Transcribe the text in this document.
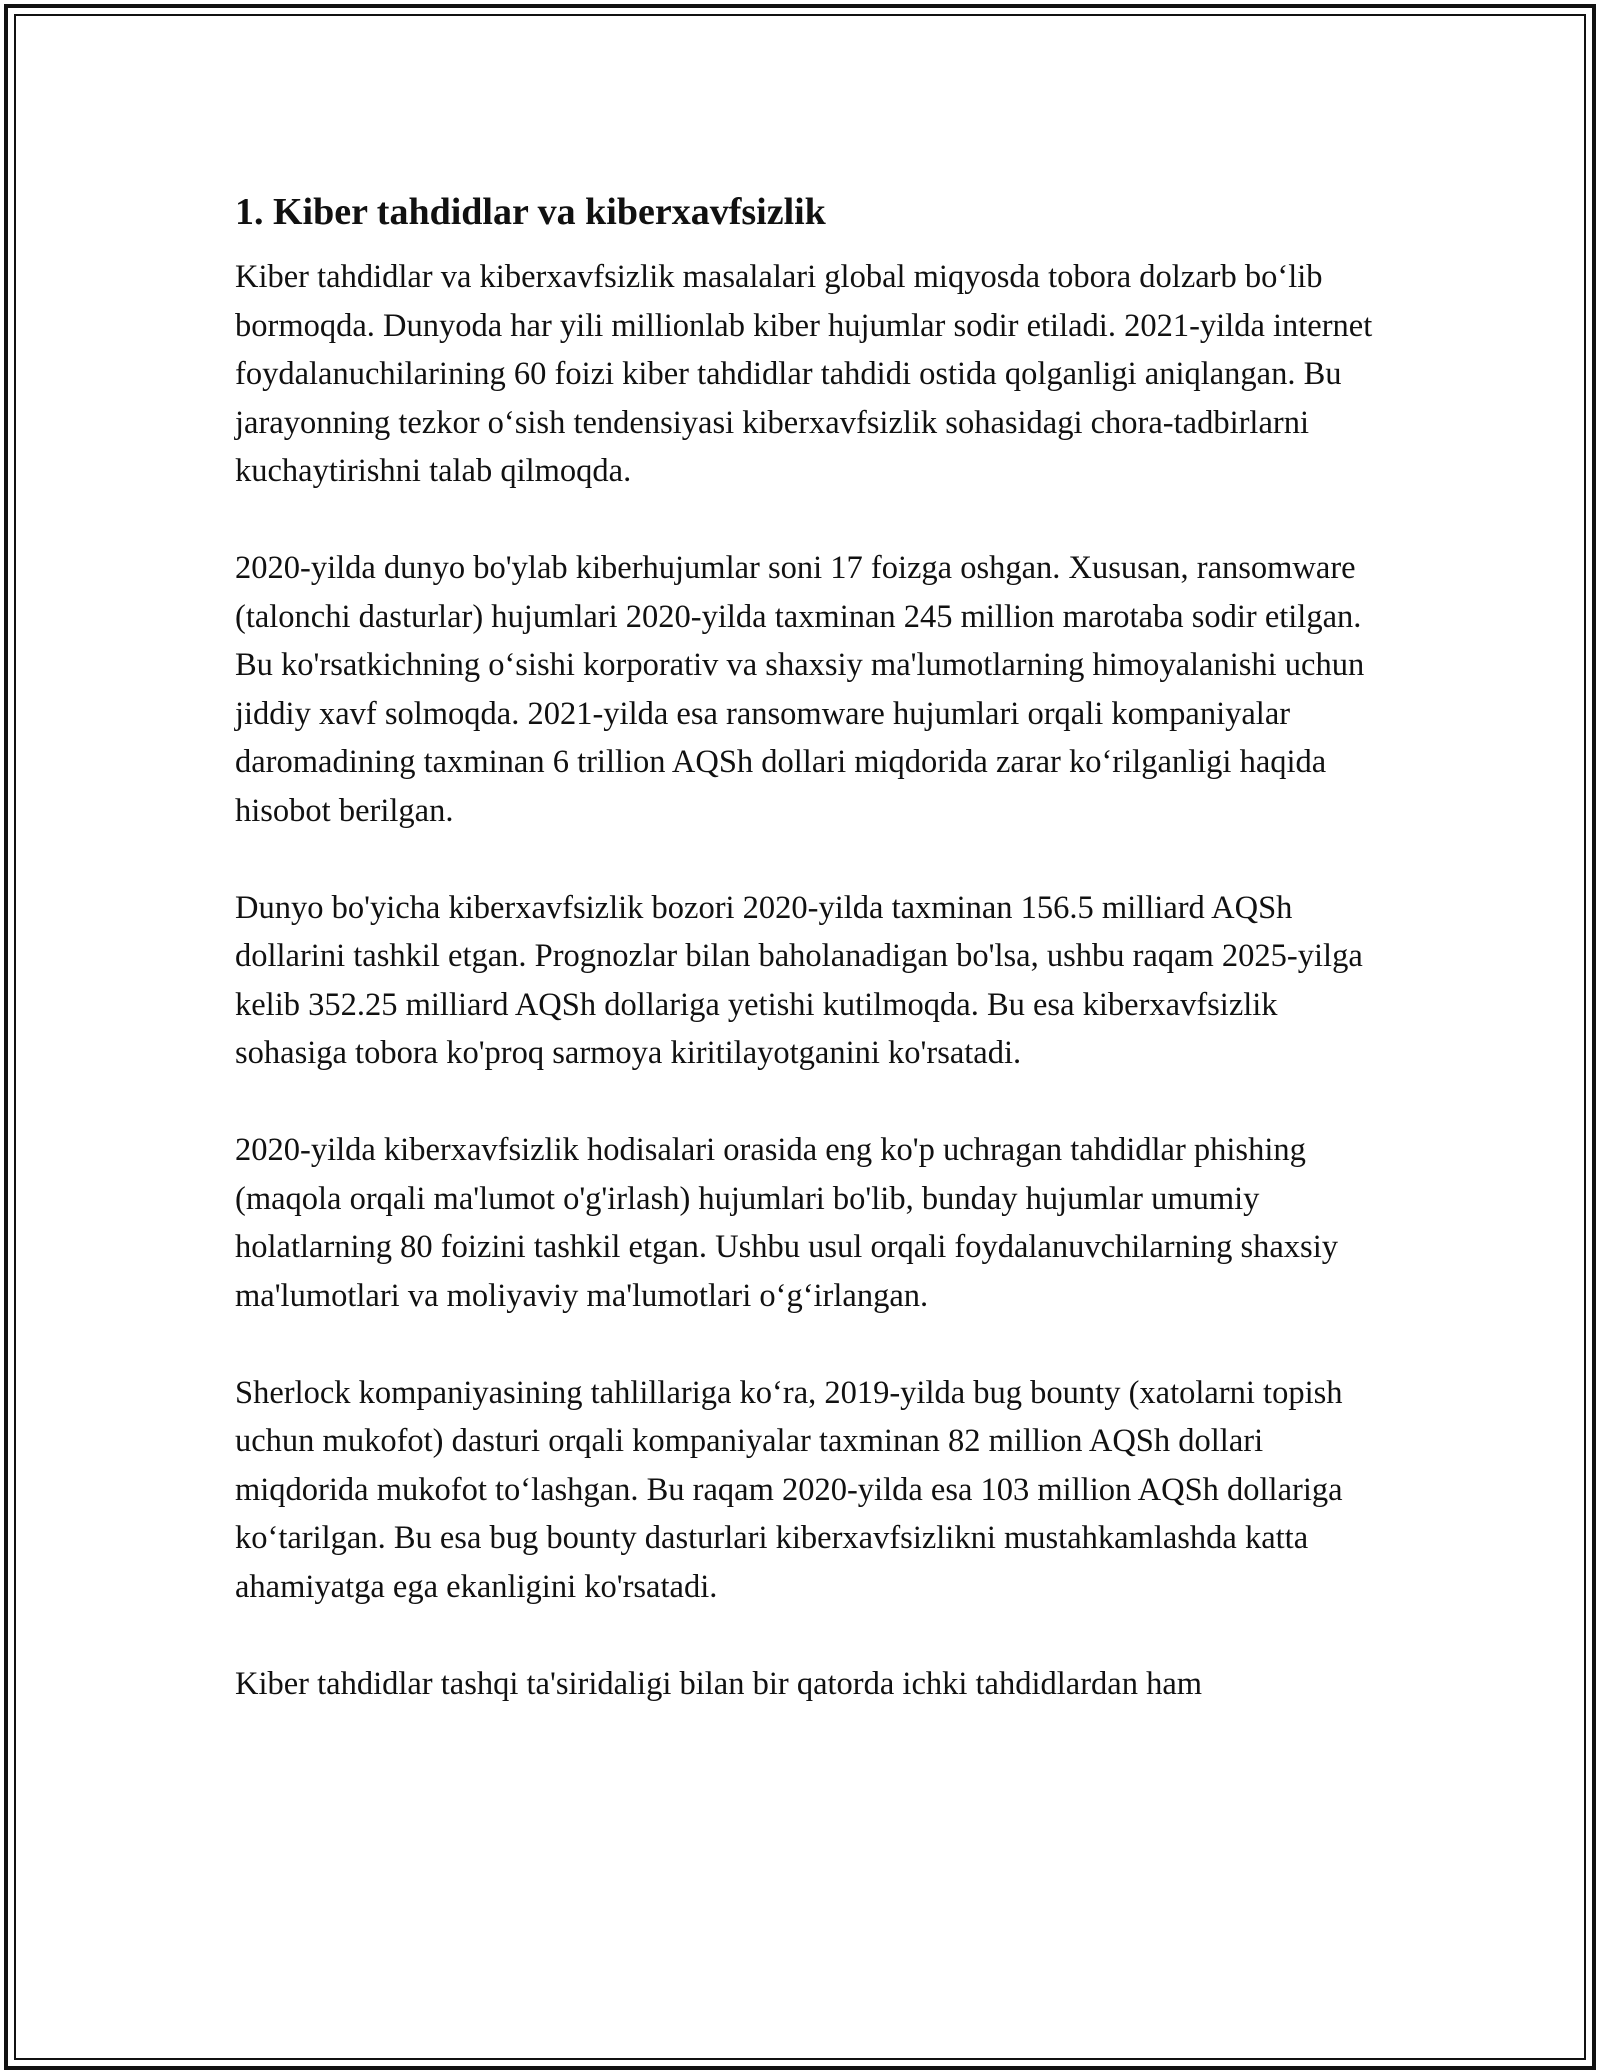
1. Kiber tahdidlar va kiberxavfsizlik

Kiber tahdidlar va kiberxavfsizlik masalalari global miqyosda tobora dolzarb boʻlib bormoqda. Dunyoda har yili millionlab kiber hujumlar sodir etiladi. 2021-yilda internet foydalanuchilarining 60 foizi kiber tahdidlar tahdidi ostida qolganligi aniqlangan. Bu jarayonning tezkor oʻsish tendensiyasi kiberxavfsizlik sohasidagi chora-tadbirlarni kuchaytirishni talab qilmoqda.

2020-yilda dunyo bo'ylab kiberhujumlar soni 17 foizga oshgan. Xususan, ransomware (talonchi dasturlar) hujumlari 2020-yilda taxminan 245 million marotaba sodir etilgan. Bu ko'rsatkichning oʻsishi korporativ va shaxsiy ma'lumotlarning himoyalanishi uchun jiddiy xavf solmoqda. 2021-yilda esa ransomware hujumlari orqali kompaniyalar daromadining taxminan 6 trillion AQSh dollari miqdorida zarar koʻrilganligi haqida hisobot berilgan.

Dunyo bo'yicha kiberxavfsizlik bozori 2020-yilda taxminan 156.5 milliard AQSh dollarini tashkil etgan. Prognozlar bilan baholanadigan bo'lsa, ushbu raqam 2025-yilga kelib 352.25 milliard AQSh dollariga yetishi kutilmoqda. Bu esa kiberxavfsizlik sohasiga tobora ko'proq sarmoya kiritilayotganini ko'rsatadi.

2020-yilda kiberxavfsizlik hodisalari orasida eng ko'p uchragan tahdidlar phishing (maqola orqali ma'lumot o'g'irlash) hujumlari bo'lib, bunday hujumlar umumiy holatlarning 80 foizini tashkil etgan. Ushbu usul orqali foydalanuvchilarning shaxsiy ma'lumotlari va moliyaviy ma'lumotlari oʻgʻirlangan.

Sherlock kompaniyasining tahlillariga koʻra, 2019-yilda bug bounty (xatolarni topish uchun mukofot) dasturi orqali kompaniyalar taxminan 82 million AQSh dollari miqdorida mukofot toʻlashgan. Bu raqam 2020-yilda esa 103 million AQSh dollariga koʻtarilgan. Bu esa bug bounty dasturlari kiberxavfsizlikni mustahkamlashda katta ahamiyatga ega ekanligini ko'rsatadi.

Kiber tahdidlar tashqi ta'siridaligi bilan bir qatorda ichki tahdidlardan ham
